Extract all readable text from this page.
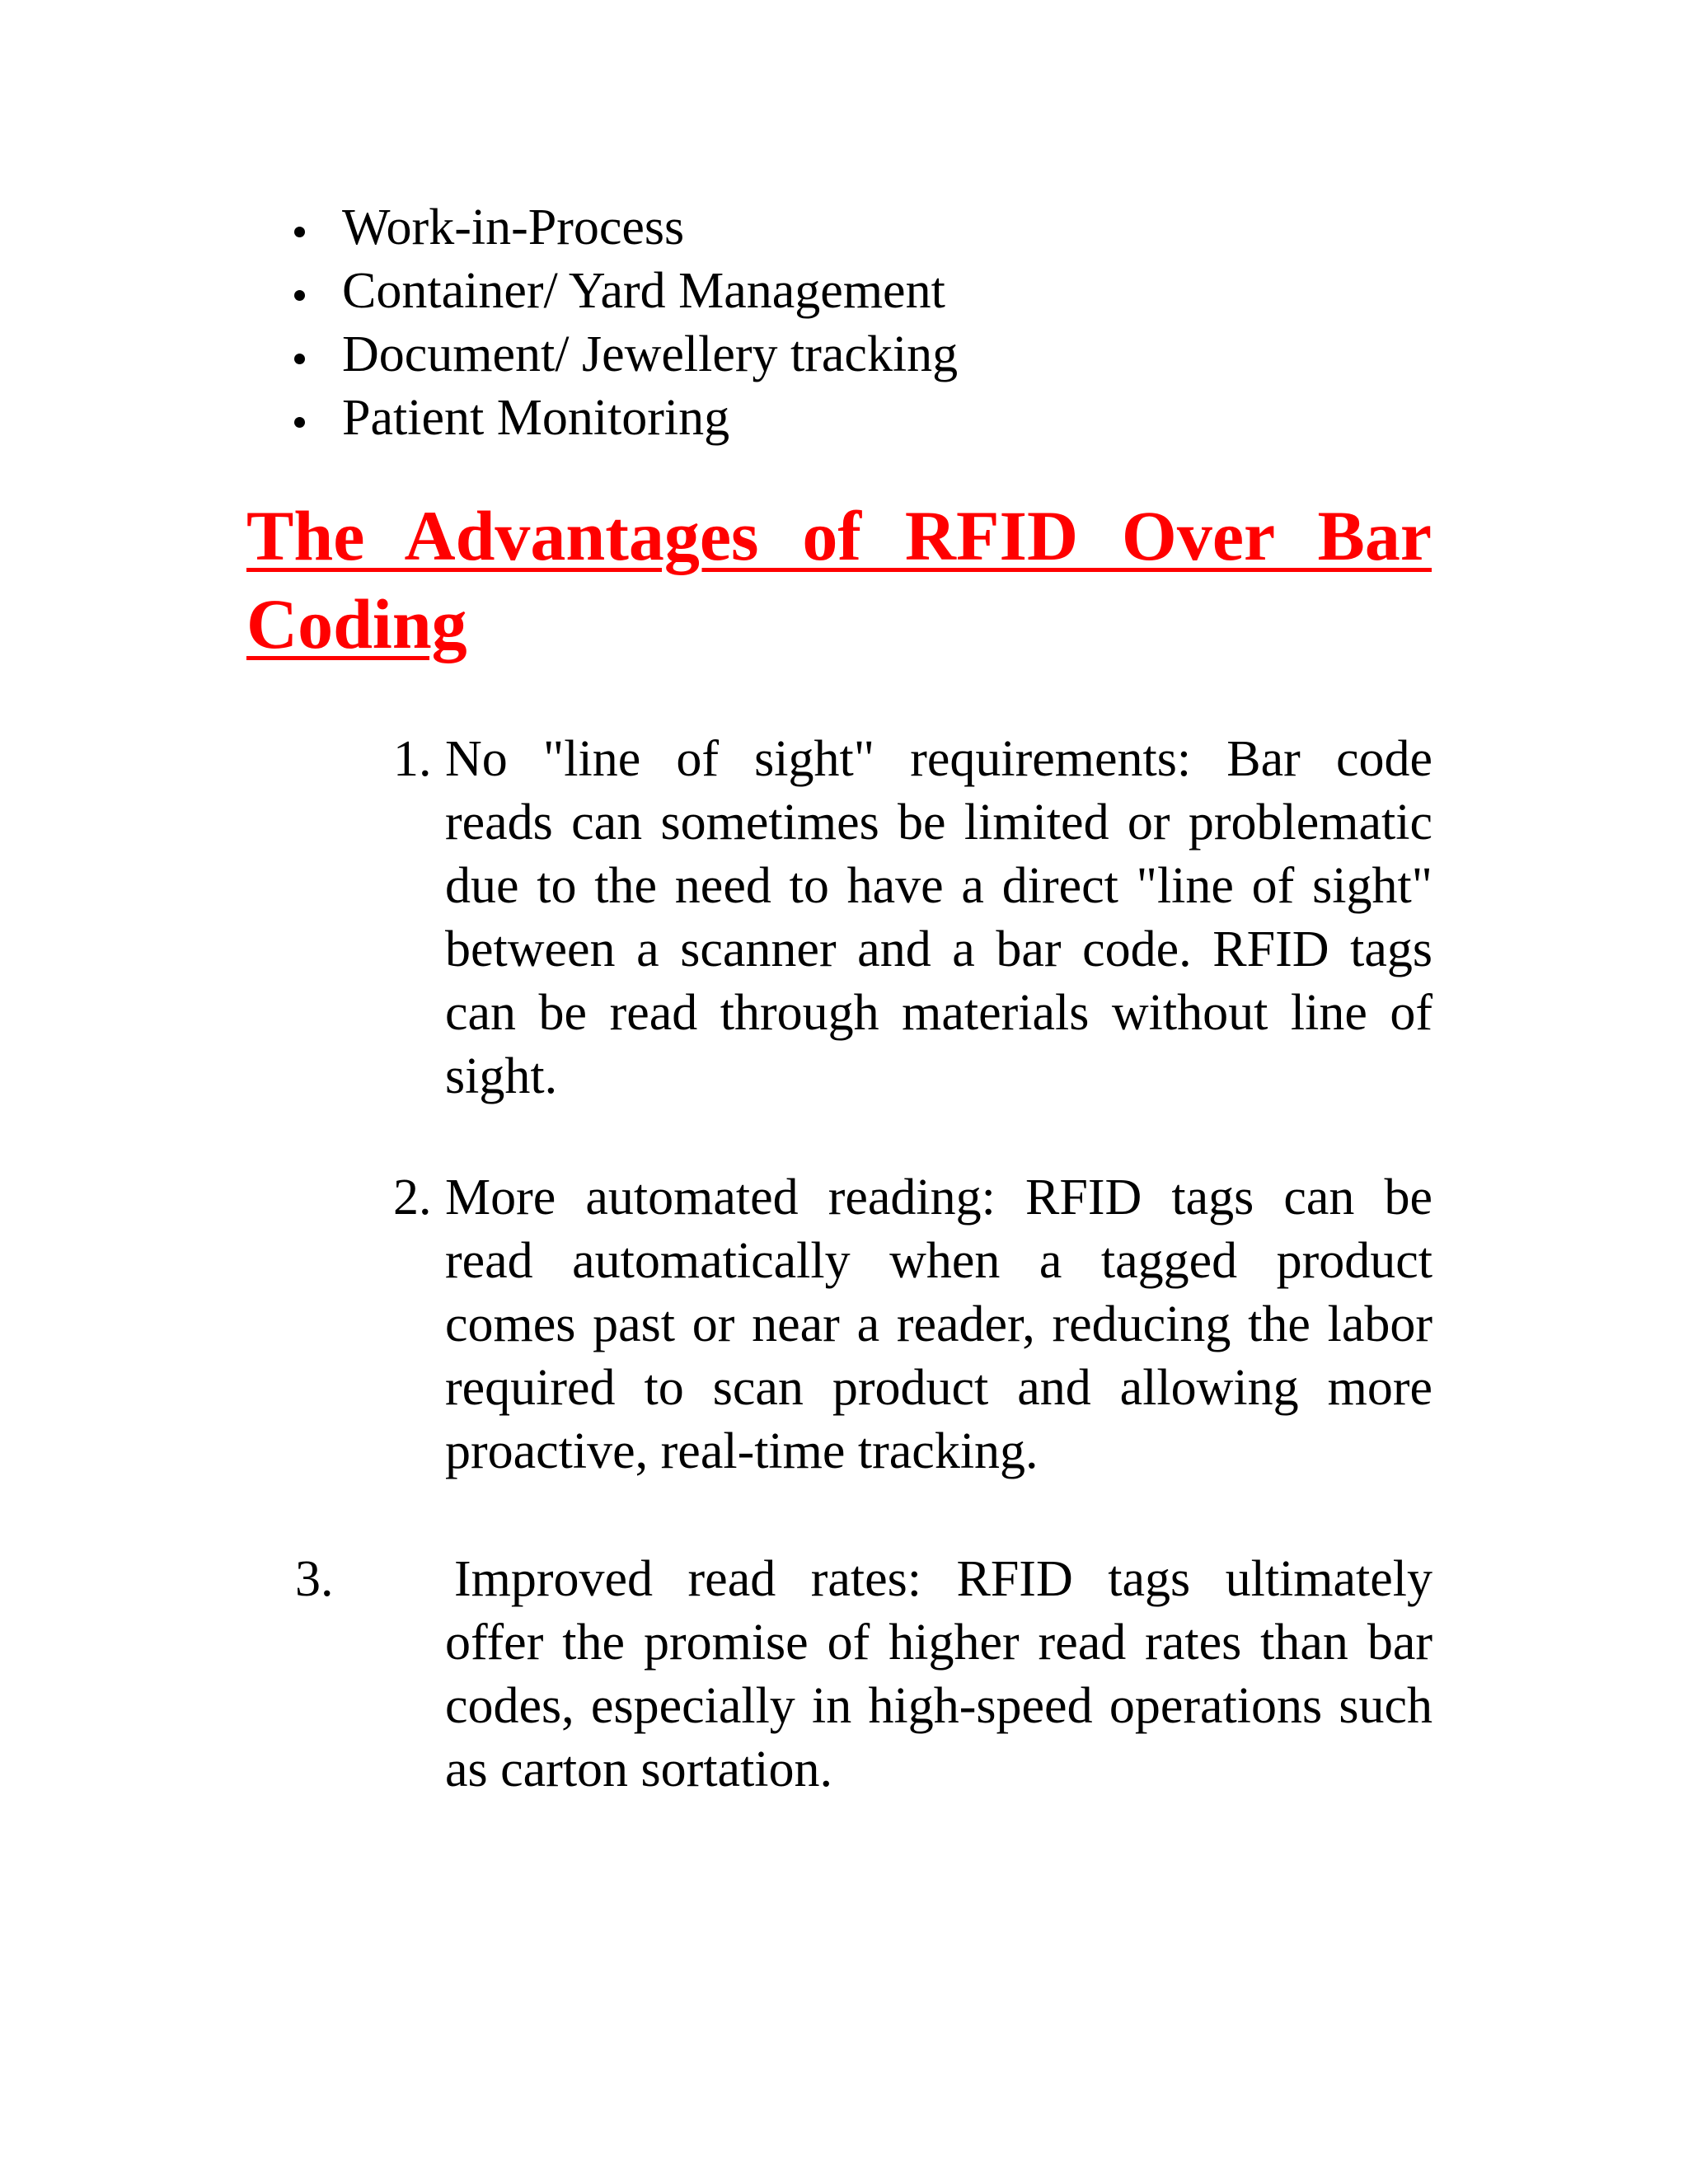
Work-in-Process
Container/ Yard Management
Document/ Jewellery tracking
Patient Monitoring
The Advantages of RFID Over Bar Coding
1. No "line of sight" requirements: Bar code
reads can sometimes be limited or problematic due to the need to have a direct "line of sight" between a scanner and a bar code. RFID tags can be read through materials without line of sight.
2. More automated reading: RFID tags can be
read automatically when a tagged product comes past or near a reader, reducing the labor required to scan product and allowing more proactive, real-time tracking.
3. Improved read rates: RFID tags ultimately
offer the promise of higher read rates than bar codes, especially in high-speed operations such as carton sortation.
